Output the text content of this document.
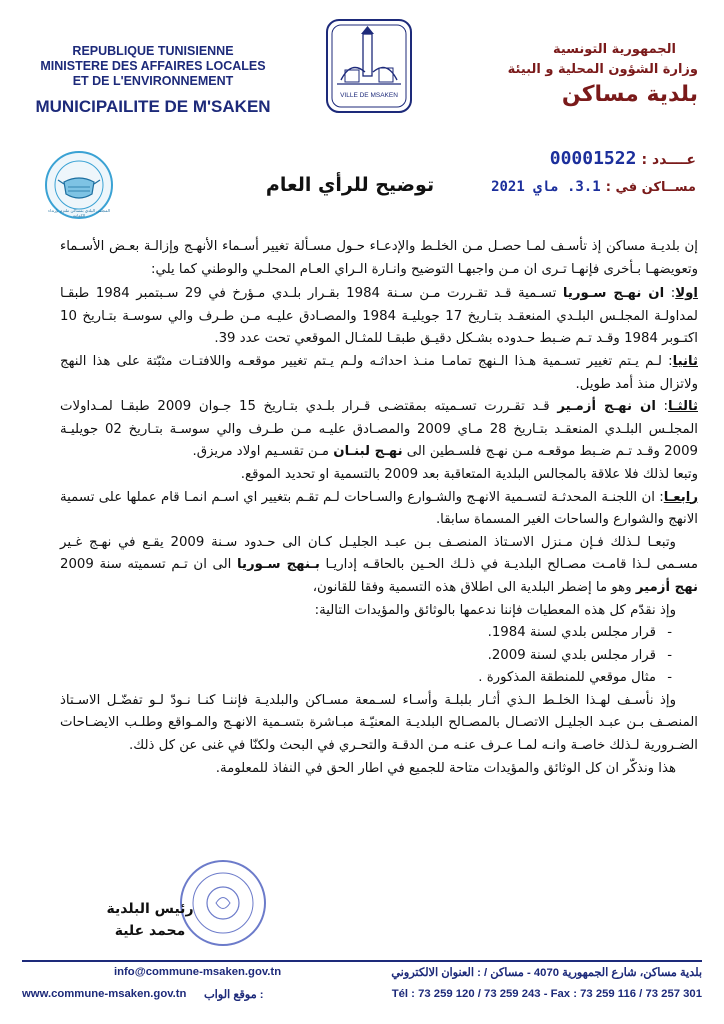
REPUBLIQUE TUNISIENNE
MINISTERE DES AFFAIRES LOCALES
ET DE L'ENVIRONNEMENT
MUNICIPAILITE DE M'SAKEN
VILLE DE MSAKEN
الجمهورية التونسية
وزارة الشؤون المحلية و البيئة
بلدية مساكن
عــــدد : 00001522
مســاكن في : 3.1. ماي 2021
المجلس البلدي بمساكن ملتزم بإرتداء الكمامة
توضيح للرأي العام

إن بلديـة مساكن إذ تأسـف لمـا حصـل مـن الخلـط والإدعـاء حـول مسـألة تغيير أسـماء الأنهـج وإزالـة بعـض الأسـماء وتعويضهـا بـأخرى فإنهـا تـرى ان مـن واجبهـا التوضيح وانـارة الـراي العـام المحلـي والوطني كما يلي:

اولا: ان نهـج سـوريا تسـمية قـد تقـررت مـن سـنة 1984 بقـرار بلـدي مـؤرخ في 29 سـبتمبر 1984 طبقـا لمداولـة المجلـس البلـدي المنعقـد بتـاريخ 17 جويليـة 1984 والمصـادق عليـه مـن طـرف والي سوسـة بتـاريخ 10 اكتـوبر 1984 وقـد تـم ضـبط حـدوده بشـكل دقيـق طبقـا للمثـال الموقعي تحت عدد 39.

ثانيا: لـم يـتم تغيير تسـمية هـذا الـنهج تمامـا منـذ احداثـه ولـم يـتم تغيير موقعـه واللافتـات مثبّتة على هذا النهج ولاتزال منذ أمد طويل.

ثالثـا: ان نهـج أزمـير قـد تقـررت تسـميته بمقتضـى قـرار بلـدي بتـاريخ 15 جـوان 2009 طبقـا لمـداولات المجلـس البلـدي المنعقـد بتـاريخ 28 مـاي 2009 والمصـادق عليـه مـن طـرف والي سوسـة بتـاريخ 02 جويليـة 2009 وقـد تـم ضـبط موقعـه مـن نهـج فلسـطين الى نهـج لبنـان مـن تقسـيم اولاد مريزق.

وتبعا لذلك فلا علاقة بالمجالس البلدية المتعاقبة بعد 2009 بالتسمية او تحديد الموقع.

رابعـا: ان اللجنـة المحدثـة لتسـمية الانهـج والشـوارع والسـاحات لـم تقـم بتغيير اي اسـم انمـا قام عملها على تسمية الانهج والشوارع والساحات الغير المسماة سابقا.

وتبعـا لـذلك فـإن مـنزل الاسـتاذ المنصـف بـن عبـد الجليـل كـان الى حـدود سـنة 2009 يقـع في نهـج غـير مسـمى لـذا قامـت مصـالح البلديـة في ذلـك الحـين بالحاقـه إداريـا بـنهج سـوريا الى ان تـم تسميته سنة 2009 نهج أزمير وهو ما إضطر البلدية الى اطلاق هذه التسمية وفقا للقانون،

وإذ نقدّم كل هذه المعطيات فإننا ندعمها بالوثائق والمؤيدات التالية:

- قرار مجلس بلدي لسنة 1984.
- قرار مجلس بلدي لسنة 2009.
- مثال موقعي للمنطقة المذكورة .

وإذ نأسـف لهـذا الخلـط الـذي أثـار بلبلـة وأسـاء لسـمعة مسـاكن والبلديـة فإننـا كنـا نـودّ لـو تفضّـل الاسـتاذ المنصـف بـن عبـد الجليـل الاتصـال بالمصـالح البلديـة المعنيّـة مبـاشرة بتسـمية الانهـج والمـواقع وطلـب الايضـاحات الضـرورية لـذلك خاصـة وانـه لمـا عـرف عنـه مـن الدقـة والتحـري في البحث ولكنّا في غنى عن كل ذلك.

هذا ونذكّر ان كل الوثائق والمؤيدات متاحة للجميع في اطار الحق في النفاذ للمعلومة.

رئيس البلدية
محمد علية
info@commune-msaken.gov.tn	بلدية مساكن، شارع الجمهورية 4070 - مساكن / : العنوان الالكتروني
www.commune-msaken.gov.tn : موقع الواب	Tél : 73 259 120 / 73 259 243 - Fax : 73 259 116 / 73 257 301
